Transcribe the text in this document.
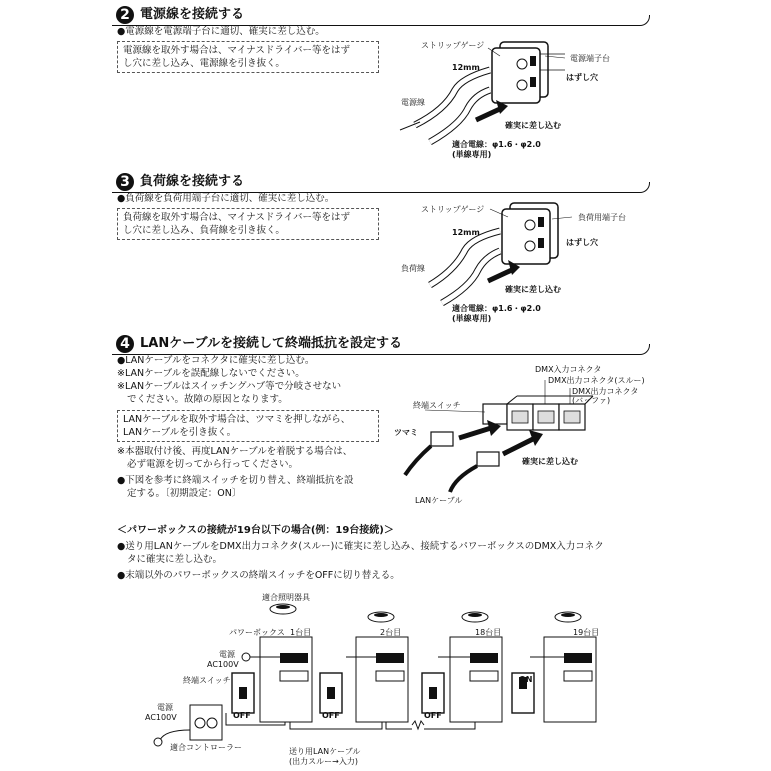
2 電源線を接続する
●電源線を電源端子台に適切、確実に差し込む。
電源線を取外す場合は、マイナスドライバー等をはず
し穴に差し込み、電源線を引き抜く。
ストリップゲージ
電源端子台
12mm
はずし穴
電源線
確実に差し込む
適合電線：φ1.6・φ2.0
(単線専用)
3 負荷線を接続する
●負荷線を負荷用端子台に適切、確実に差し込む。
負荷線を取外す場合は、マイナスドライバー等をはず
し穴に差し込み、負荷線を引き抜く。
ストリップゲージ
負荷用端子台
12mm
はずし穴
負荷線
確実に差し込む
適合電線：φ1.6・φ2.0
(単線専用)
4 LANケーブルを接続して終端抵抗を設定する
●LANケーブルをコネクタに確実に差し込む。
※LANケーブルを誤配線しないでください。
※LANケーブルはスイッチングハブ等で分岐させない
でください。故障の原因となります。
LANケーブルを取外す場合は、ツマミを押しながら、
LANケーブルを引き抜く。
※本器取付け後、再度LANケーブルを着脱する場合は、
必ず電源を切ってから行ってください。
●下図を参考に終端スイッチを切り替え、終端抵抗を設
定する。〔初期設定：ON〕
DMX入力コネクタ
DMX出力コネクタ(スルー)
DMX出力コネクタ
(バッファ)
終端スイッチ
ツマミ
確実に差し込む
LANケーブル
＜パワーボックスの接続が19台以下の場合(例：19台接続)＞
●送り用LANケーブルをDMX出力コネクタ(スルー)に確実に差し込み、接続するパワーボックスのDMX入力コネク
タに確実に差し込む。
●末端以外のパワーボックスの終端スイッチをOFFに切り替える。
適合照明器具
パワーボックス 1台目	2台目	18台目	19台目
電源
AC100V
終端スイッチ
OFF	OFF	OFF
ON
電源
AC100V
適合コントローラー	送り用LANケーブル
(出力スルー→入力)
